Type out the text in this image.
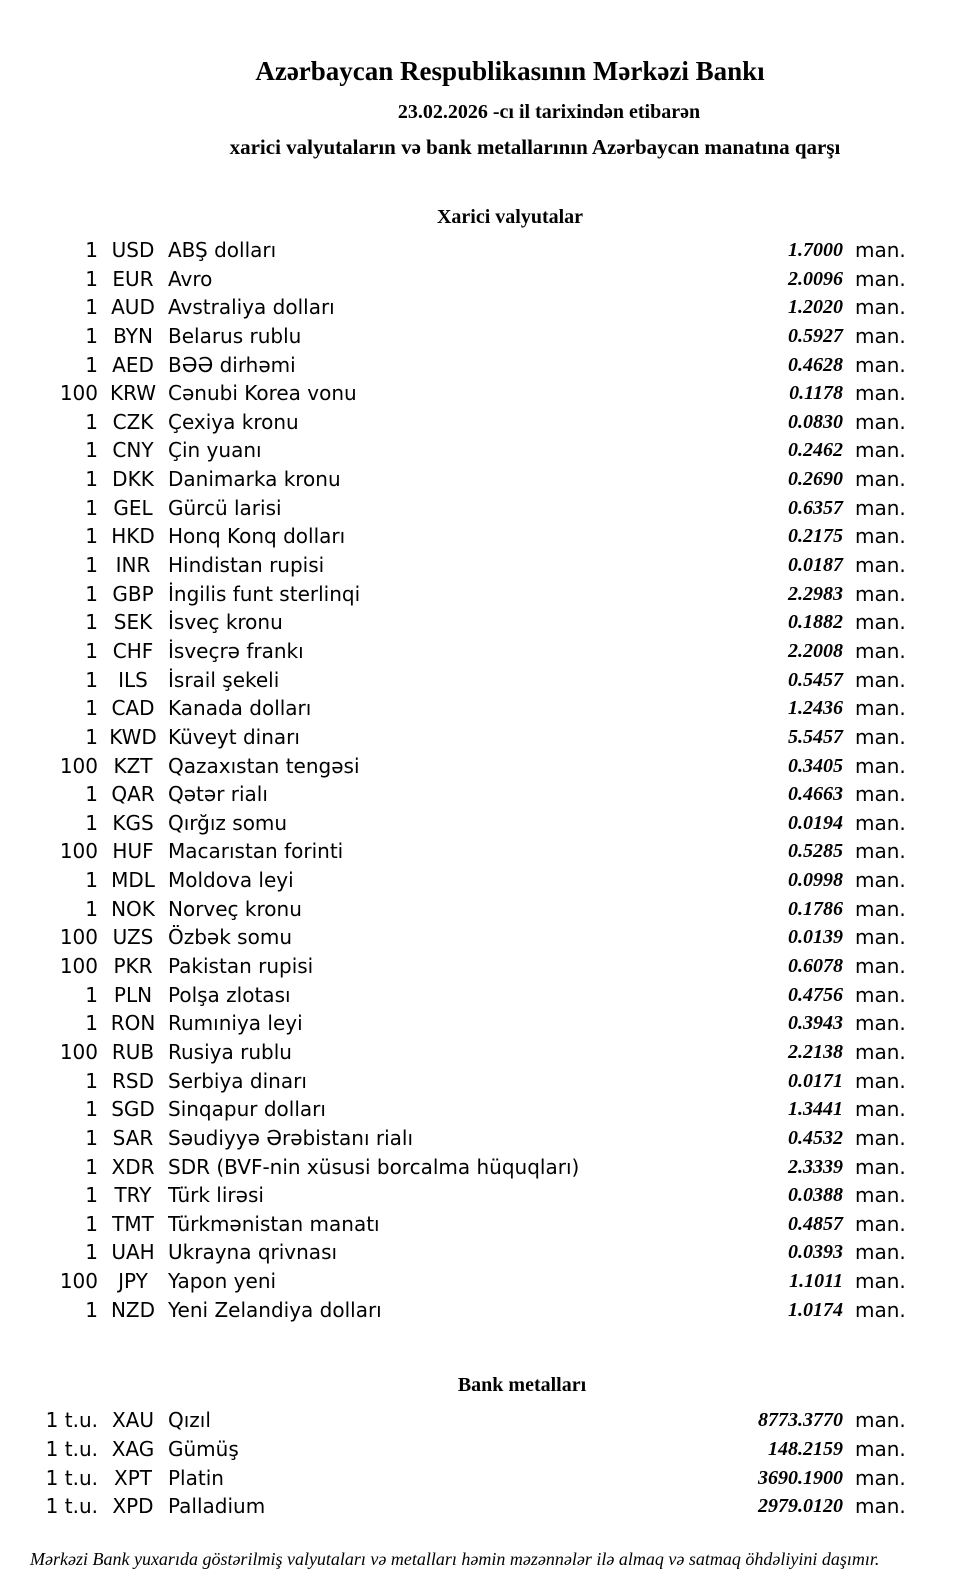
Azərbaycan Respublikasının Mərkəzi Bankı
23.02.2026 -cı il tarixindən etibarən
xarici valyutaların və bank metallarının Azərbaycan manatına qarşı
Xarici valyutalar
1 USD ABŞ dolları	1.7000 man.
1 EUR Avro	2.0096 man.
1 AUD Avstraliya dolları	1.2020 man.
1 BYN Belarus rublu	0.5927 man.
1 AED BƏƏ dirhəmi	0.4628 man.
100 KRW Cənubi Korea vonu	0.1178 man.
1 CZK Çexiya kronu	0.0830 man.
1 CNY Çin yuanı	0.2462 man.
1 DKK Danimarka kronu	0.2690 man.
1 GEL Gürcü larisi	0.6357 man.
1 HKD Honq Konq dolları	0.2175 man.
1 INR Hindistan rupisi	0.0187 man.
1 GBP İngilis funt sterlinqi	2.2983 man.
1 SEK İsveç kronu	0.1882 man.
1 CHF İsveçrə frankı	2.2008 man.
1	ILS	İsrail şekeli	0.5457 man.
1 CAD Kanada dolları	1.2436 man.
1 KWD Küveyt dinarı	5.5457 man.
100 KZT Qazaxıstan tengəsi	0.3405 man.
1 QAR Qətər rialı	0.4663 man.
1 KGS Qırğız somu	0.0194 man.
100 HUF Macarıstan forinti	0.5285 man.
1 MDL Moldova leyi	0.0998 man.
1 NOK Norveç kronu	0.1786 man.
100 UZS Özbək somu	0.0139 man.
100 PKR Pakistan rupisi	0.6078 man.
1 PLN Polşa zlotası	0.4756 man.
1 RON Rumıniya leyi	0.3943 man.
100 RUB Rusiya rublu	2.2138 man.
1 RSD Serbiya dinarı	0.0171 man.
1 SGD Sinqapur dolları	1.3441 man.
1 SAR Səudiyyə Ərəbistanı rialı	0.4532 man.
1 XDR SDR (BVF-nin xüsusi borcalma hüquqları)	2.3339 man.
1 TRY Türk lirəsi	0.0388 man.
1 TMT Türkmənistan manatı	0.4857 man.
1 UAH Ukrayna qrivnası	0.0393 man.
100	JPY	Yapon yeni	1.1011 man.
1 NZD Yeni Zelandiya dolları	1.0174 man.
Bank metalları
1 t.u. XAU Qızıl	8773.3770 man.
1 t.u. XAG Gümüş	148.2159 man.
1 t.u. XPT Platin	3690.1900 man.
1 t.u. XPD Palladium	2979.0120 man.
Mərkəzi Bank yuxarıda göstərilmiş valyutaları və metalları həmin məzənnələr ilə almaq və satmaq öhdəliyini daşımır.
